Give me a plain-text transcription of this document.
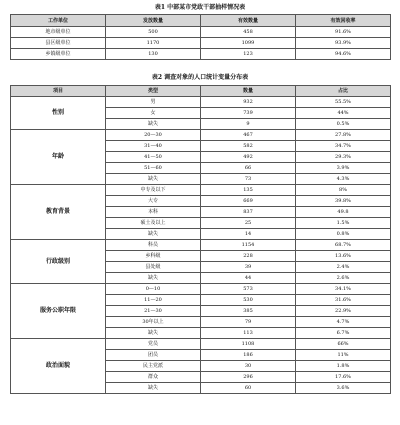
表1 中部某市党政干部抽样情况表
工作单位	发放数量	有效数量	有效回收率
地市级单位	500	458	91.6%
县区级单位	1170	1099	93.9%
乡镇级单位	130	123	94.6%
表2 调查对象的人口统计变量分布表
项目	类型	数量	占比
性别	男	932	55.5%
	女	739	44%
	缺失	9	0.5%
年龄	20—30	467	27.8%
	31—40	582	34.7%
	41—50	492	29.3%
	51—60	66	3.9%
	缺失	73	4.3%
教育背景	中专及以下	135	8%
	大专	669	39.8%
	本科	837	49.8
	硕士及以上	25	1.5%
	缺失	14	0.8%
行政级别	科员	1154	68.7%
	乡科级	228	13.6%
	县处级	39	2.4%
	缺失	44	2.6%
服务公职年限	0—10	573	34.1%
	11—20	530	31.6%
	21—30	385	22.9%
	30年以上	79	4.7%
	缺失	113	6.7%
政治面貌	党员	1108	66%
	团员	186	11%
	民主党派	30	1.8%
	群众	296	17.6%
	缺失	60	3.6%
